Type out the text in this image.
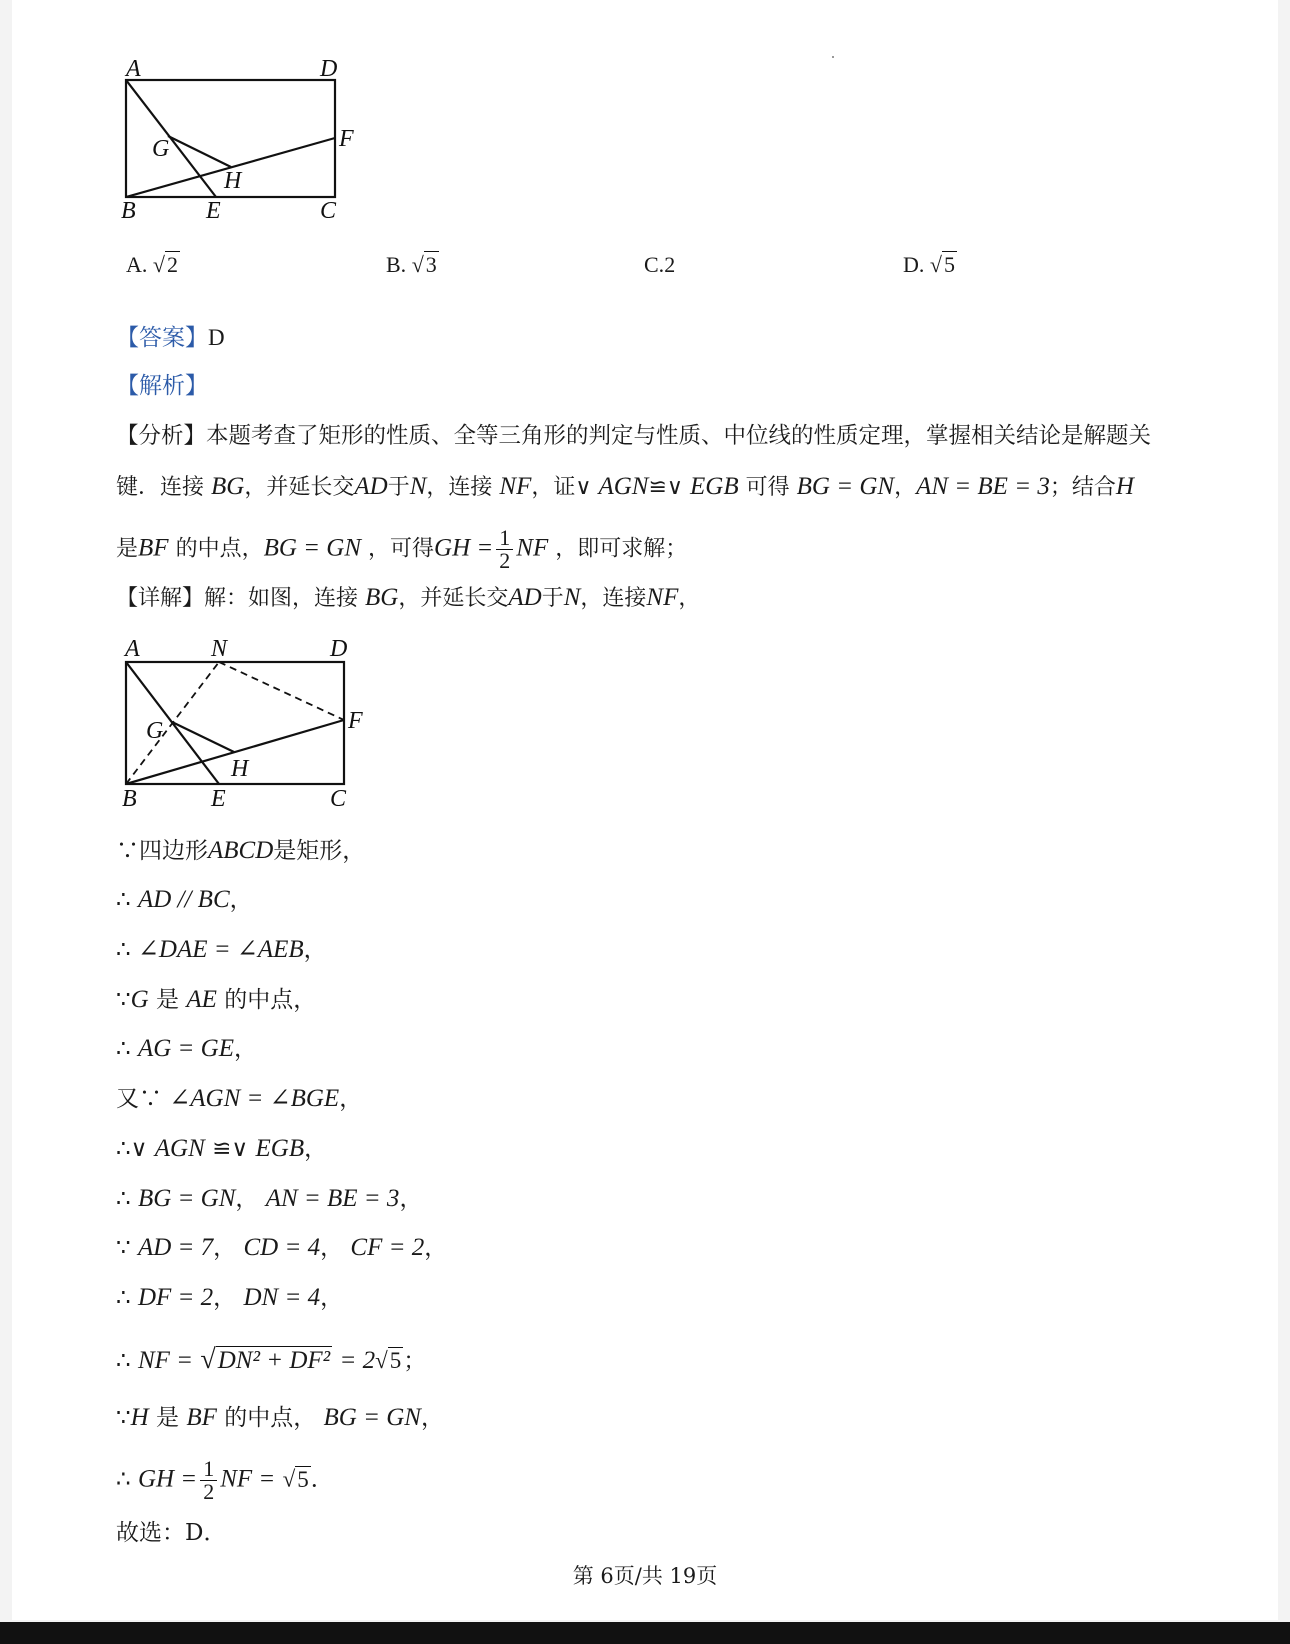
A	D
F
G
H
B	E	C
A. √2	B. √3	C.2	D. √5
【答案】D
【解析】
【分析】本题考查了矩形的性质、全等三角形的判定与性质、中位线的性质定理，掌握相关结论是解题关
键．连接 BG，并延长交AD于N，连接 NF，证∨ AGN≌∨ EGB 可得 BG = GN，AN = BE = 3；结合H
是BF 的中点，BG = GN ，可得GH = $\frac{1}{2}$ NF ，即可求解；
【详解】解：如图，连接 BG，并延长交AD于N，连接NF，
A	N	D
F
G
H
B	E	C
∵四边形ABCD是矩形，
∴ AD // BC，
∴ ∠DAE = ∠AEB，
∵G 是 AE 的中点，
∴ AG = GE，
又∵ ∠AGN = ∠BGE，
∴∨ AGN ≌∨ EGB，
∴ BG = GN， AN = BE = 3，
∵ AD = 7， CD = 4， CF = 2，
∴ DF = 2， DN = 4，
∴ NF = √DN² + DF² = 2√5；
∵H 是 BF 的中点， BG = GN，
∴ GH = $\frac{1}{2}$ NF = √5．
故选：D．
第 6页/共 19页
